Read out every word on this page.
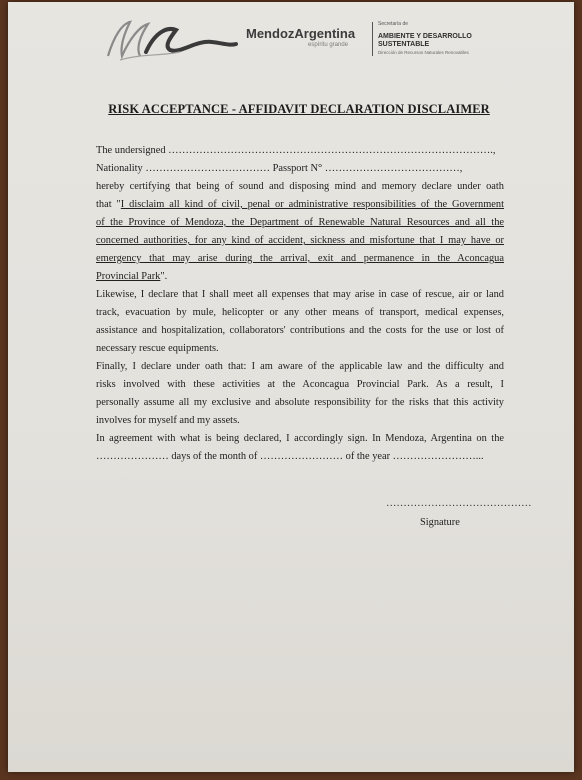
MendozArgentina
espíritu grande
Secretaría de
AMBIENTE Y DESARROLLO
SUSTENTABLE
Dirección de Recursos Naturales Renovables
RISK ACCEPTANCE - AFFIDAVIT DECLARATION DISCLAIMER
The undersigned ………………………………………………………………………………….,
Nationality ……………………………… Passport N° …………………………………,
hereby certifying that being of sound and disposing mind and memory declare under oath
that "I disclaim all kind of civil, penal or administrative responsibilities of the Government
of the Province of Mendoza, the Department of Renewable Natural Resources and all the
concerned authorities, for any kind of accident, sickness and misfortune that I may have or
emergency that may arise during the arrival, exit and permanence in the Aconcagua
Provincial Park".
Likewise, I declare that I shall meet all expenses that may arise in case of rescue, air or land
track, evacuation by mule, helicopter or any other means of transport, medical expenses,
assistance and hospitalization, collaborators' contributions and the costs for the use or lost of
necessary rescue equipments.
Finally, I declare under oath that: I am aware of the applicable law and the difficulty and
risks involved with these activities at the Aconcagua Provincial Park. As a result, I
personally assume all my exclusive and absolute responsibility for the risks that this activity
involves for myself and my assets.
In agreement with what is being declared, I accordingly sign. In Mendoza, Argentina on the
………………… days of the month of …………………… of the year ……………………...
……………………………………
Signature
